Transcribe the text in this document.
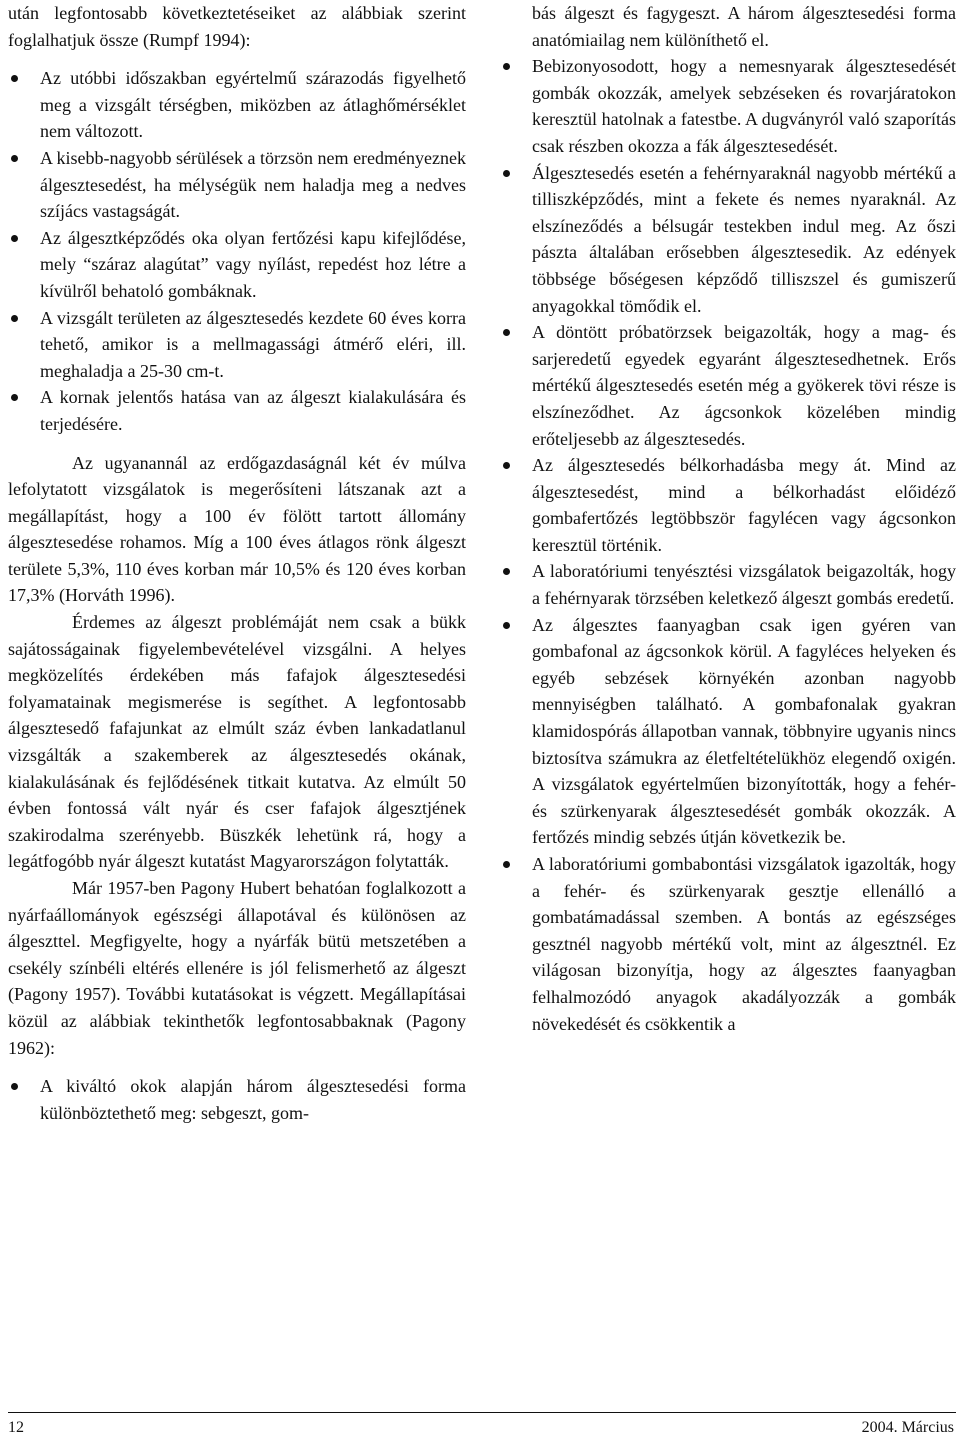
után legfontosabb következtetéseiket az alábbiak szerint foglalhatjuk össze (Rumpf 1994):

Az utóbbi időszakban egyértelmű szárazodás figyelhető meg a vizsgált térségben, miközben az átlaghőmérséklet nem változott.
A kisebb-nagyobb sérülések a törzsön nem eredményeznek álgesztesedést, ha mélységük nem haladja meg a nedves szíjács vastagságát.
Az álgesztképződés oka olyan fertőzési kapu kifejlődése, mely “száraz alagútat” vagy nyílást, repedést hoz létre a kívülről behatoló gombáknak.
A vizsgált területen az álgesztesedés kezdete 60 éves korra tehető, amikor is a mellmagassági átmérő eléri, ill. meghaladja a 25-30 cm-t.
A kornak jelentős hatása van az álgeszt kialakulására és terjedésére.

Az ugyanannál az erdőgazdaságnál két év múlva lefolytatott vizsgálatok is megerősíteni látszanak azt a megállapítást, hogy a 100 év fölött tartott állomány álgesztesedése rohamos. Míg a 100 éves átlagos rönk álgeszt területe 5,3%, 110 éves korban már 10,5% és 120 éves korban 17,3% (Horváth 1996).

Érdemes az álgeszt problémáját nem csak a bükk sajátosságainak figyelembevételével vizsgálni. A helyes megközelítés érdekében más fafajok álgesztesedési folyamatainak megismerése is segíthet. A legfontosabb álgesztesedő fafajunkat az elmúlt száz évben lankadatlanul vizsgálták a szakemberek az álgesztesedés okának, kialakulásának és fejlődésének titkait kutatva. Az elmúlt 50 évben fontossá vált nyár és cser fafajok álgesztjének szakirodalma szerényebb. Büszkék lehetünk rá, hogy a legátfogóbb nyár álgeszt kutatást Magyarországon folytatták.

Már 1957-ben Pagony Hubert behatóan foglalkozott a nyárfaállományok egészségi állapotával és különösen az álgeszttel. Megfigyelte, hogy a nyárfák bütü metszetében a csekély színbéli eltérés ellenére is jól felismerhető az álgeszt (Pagony 1957). További kutatásokat is végzett. Megállapításai közül az alábbiak tekinthetők legfontosabbaknak (Pagony 1962):

A kiváltó okok alapján három álgesztesedési forma különböztethető meg: sebgeszt, gom-

bás álgeszt és fagygeszt. A három álgesztesedési forma anatómiailag nem különíthető el.

Bebizonyosodott, hogy a nemesnyarak álgesztesedését gombák okozzák, amelyek sebzéseken és rovarjáratokon keresztül hatolnak a fatestbe. A dugványról való szaporítás csak részben okozza a fák álgesztesedését.
Álgesztesedés esetén a fehérnyaraknál nagyobb mértékű a tilliszképződés, mint a fekete és nemes nyaraknál. Az elszíneződés a bélsugár testekben indul meg. Az őszi pászta általában erősebben álgesztesedik. Az edények többsége bőségesen képződő tilliszszel és gumiszerű anyagokkal tömődik el.
A döntött próbatörzsek beigazolták, hogy a mag- és sarjeredetű egyedek egyaránt álgesztesedhetnek. Erős mértékű álgesztesedés esetén még a gyökerek tövi része is elszíneződhet. Az ágcsonkok közelében mindig erőteljesebb az álgesztesedés.
Az álgesztesedés bélkorhadásba megy át. Mind az álgesztesedést, mind a bélkorhadást előidéző gombafertőzés legtöbbször fagylécen vagy ágcsonkon keresztül történik.
A laboratóriumi tenyésztési vizsgálatok beigazolták, hogy a fehérnyarak törzsében keletkező álgeszt gombás eredetű.
Az álgesztes faanyagban csak igen gyéren van gombafonal az ágcsonkok körül. A fagyléces helyeken és egyéb sebzések környékén azonban nagyobb mennyiségben található. A gombafonalak gyakran klamidospórás állapotban vannak, többnyire ugyanis nincs biztosítva számukra az életfeltételükhöz elegendő oxigén. A vizsgálatok egyértelműen bizonyították, hogy a fehér- és szürkenyarak álgesztesedését gombák okozzák. A fertőzés mindig sebzés útján következik be.
A laboratóriumi gombabontási vizsgálatok igazolták, hogy a fehér- és szürkenyarak gesztje ellenálló a gombatámadással szemben. A bontás az egészséges gesztnél nagyobb mértékű volt, mint az álgesztnél. Ez világosan bizonyítja, hogy az álgesztes faanyagban felhalmozódó anyagok akadályozzák a gombák növekedését és csökkentik a
12	2004. Március
